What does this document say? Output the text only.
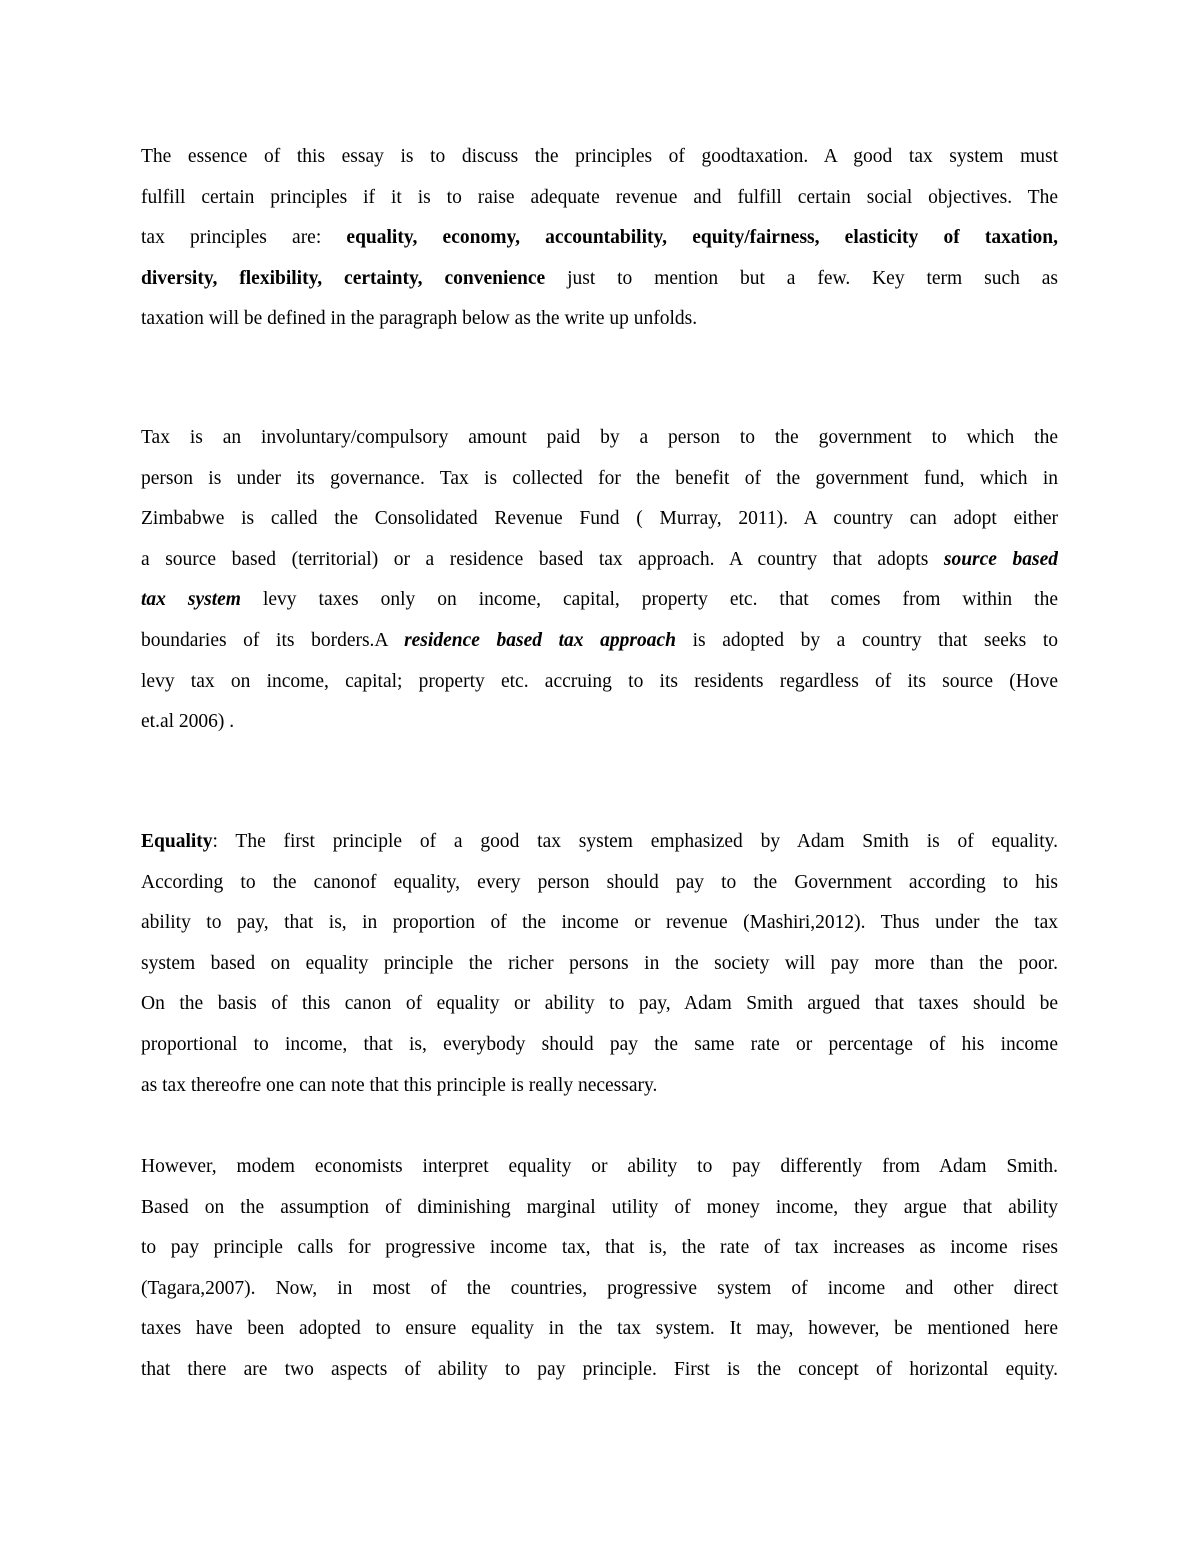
The essence of this essay is to discuss the principles of goodtaxation. A good tax system must
fulfill certain principles if it is to raise adequate revenue and fulfill certain social objectives. The
tax principles are: equality, economy, accountability, equity/fairness, elasticity of taxation,
diversity, flexibility, certainty, convenience just to mention but a few. Key term such as
taxation will be defined in the paragraph below as the write up unfolds.

Tax is an involuntary/compulsory amount paid by a person to the government to which the
person is under its governance. Tax is collected for the benefit of the government fund, which in
Zimbabwe is called the Consolidated Revenue Fund ( Murray, 2011). A country can adopt either
a source based (territorial) or a residence based tax approach. A country that adopts source based
tax system levy taxes only on income, capital, property etc. that comes from within the
boundaries of its borders.A residence based tax approach is adopted by a country that seeks to
levy tax on income, capital; property etc. accruing to its residents regardless of its source (Hove
et.al 2006) .

Equality: The first principle of a good tax system emphasized by Adam Smith is of equality.
According to the canonof equality, every person should pay to the Government according to his
ability to pay, that is, in proportion of the income or revenue (Mashiri,2012). Thus under the tax
system based on equality principle the richer persons in the society will pay more than the poor.
On the basis of this canon of equality or ability to pay, Adam Smith argued that taxes should be
proportional to income, that is, everybody should pay the same rate or percentage of his income
as tax thereofre one can note that this principle is really necessary.

However, modem economists interpret equality or ability to pay differently from Adam Smith.
Based on the assumption of diminishing marginal utility of money income, they argue that ability
to pay principle calls for progressive income tax, that is, the rate of tax increases as income rises
(Tagara,2007). Now, in most of the countries, progressive system of income and other direct
taxes have been adopted to ensure equality in the tax system. It may, however, be mentioned here
that there are two aspects of ability to pay principle. First is the concept of horizontal equity.
